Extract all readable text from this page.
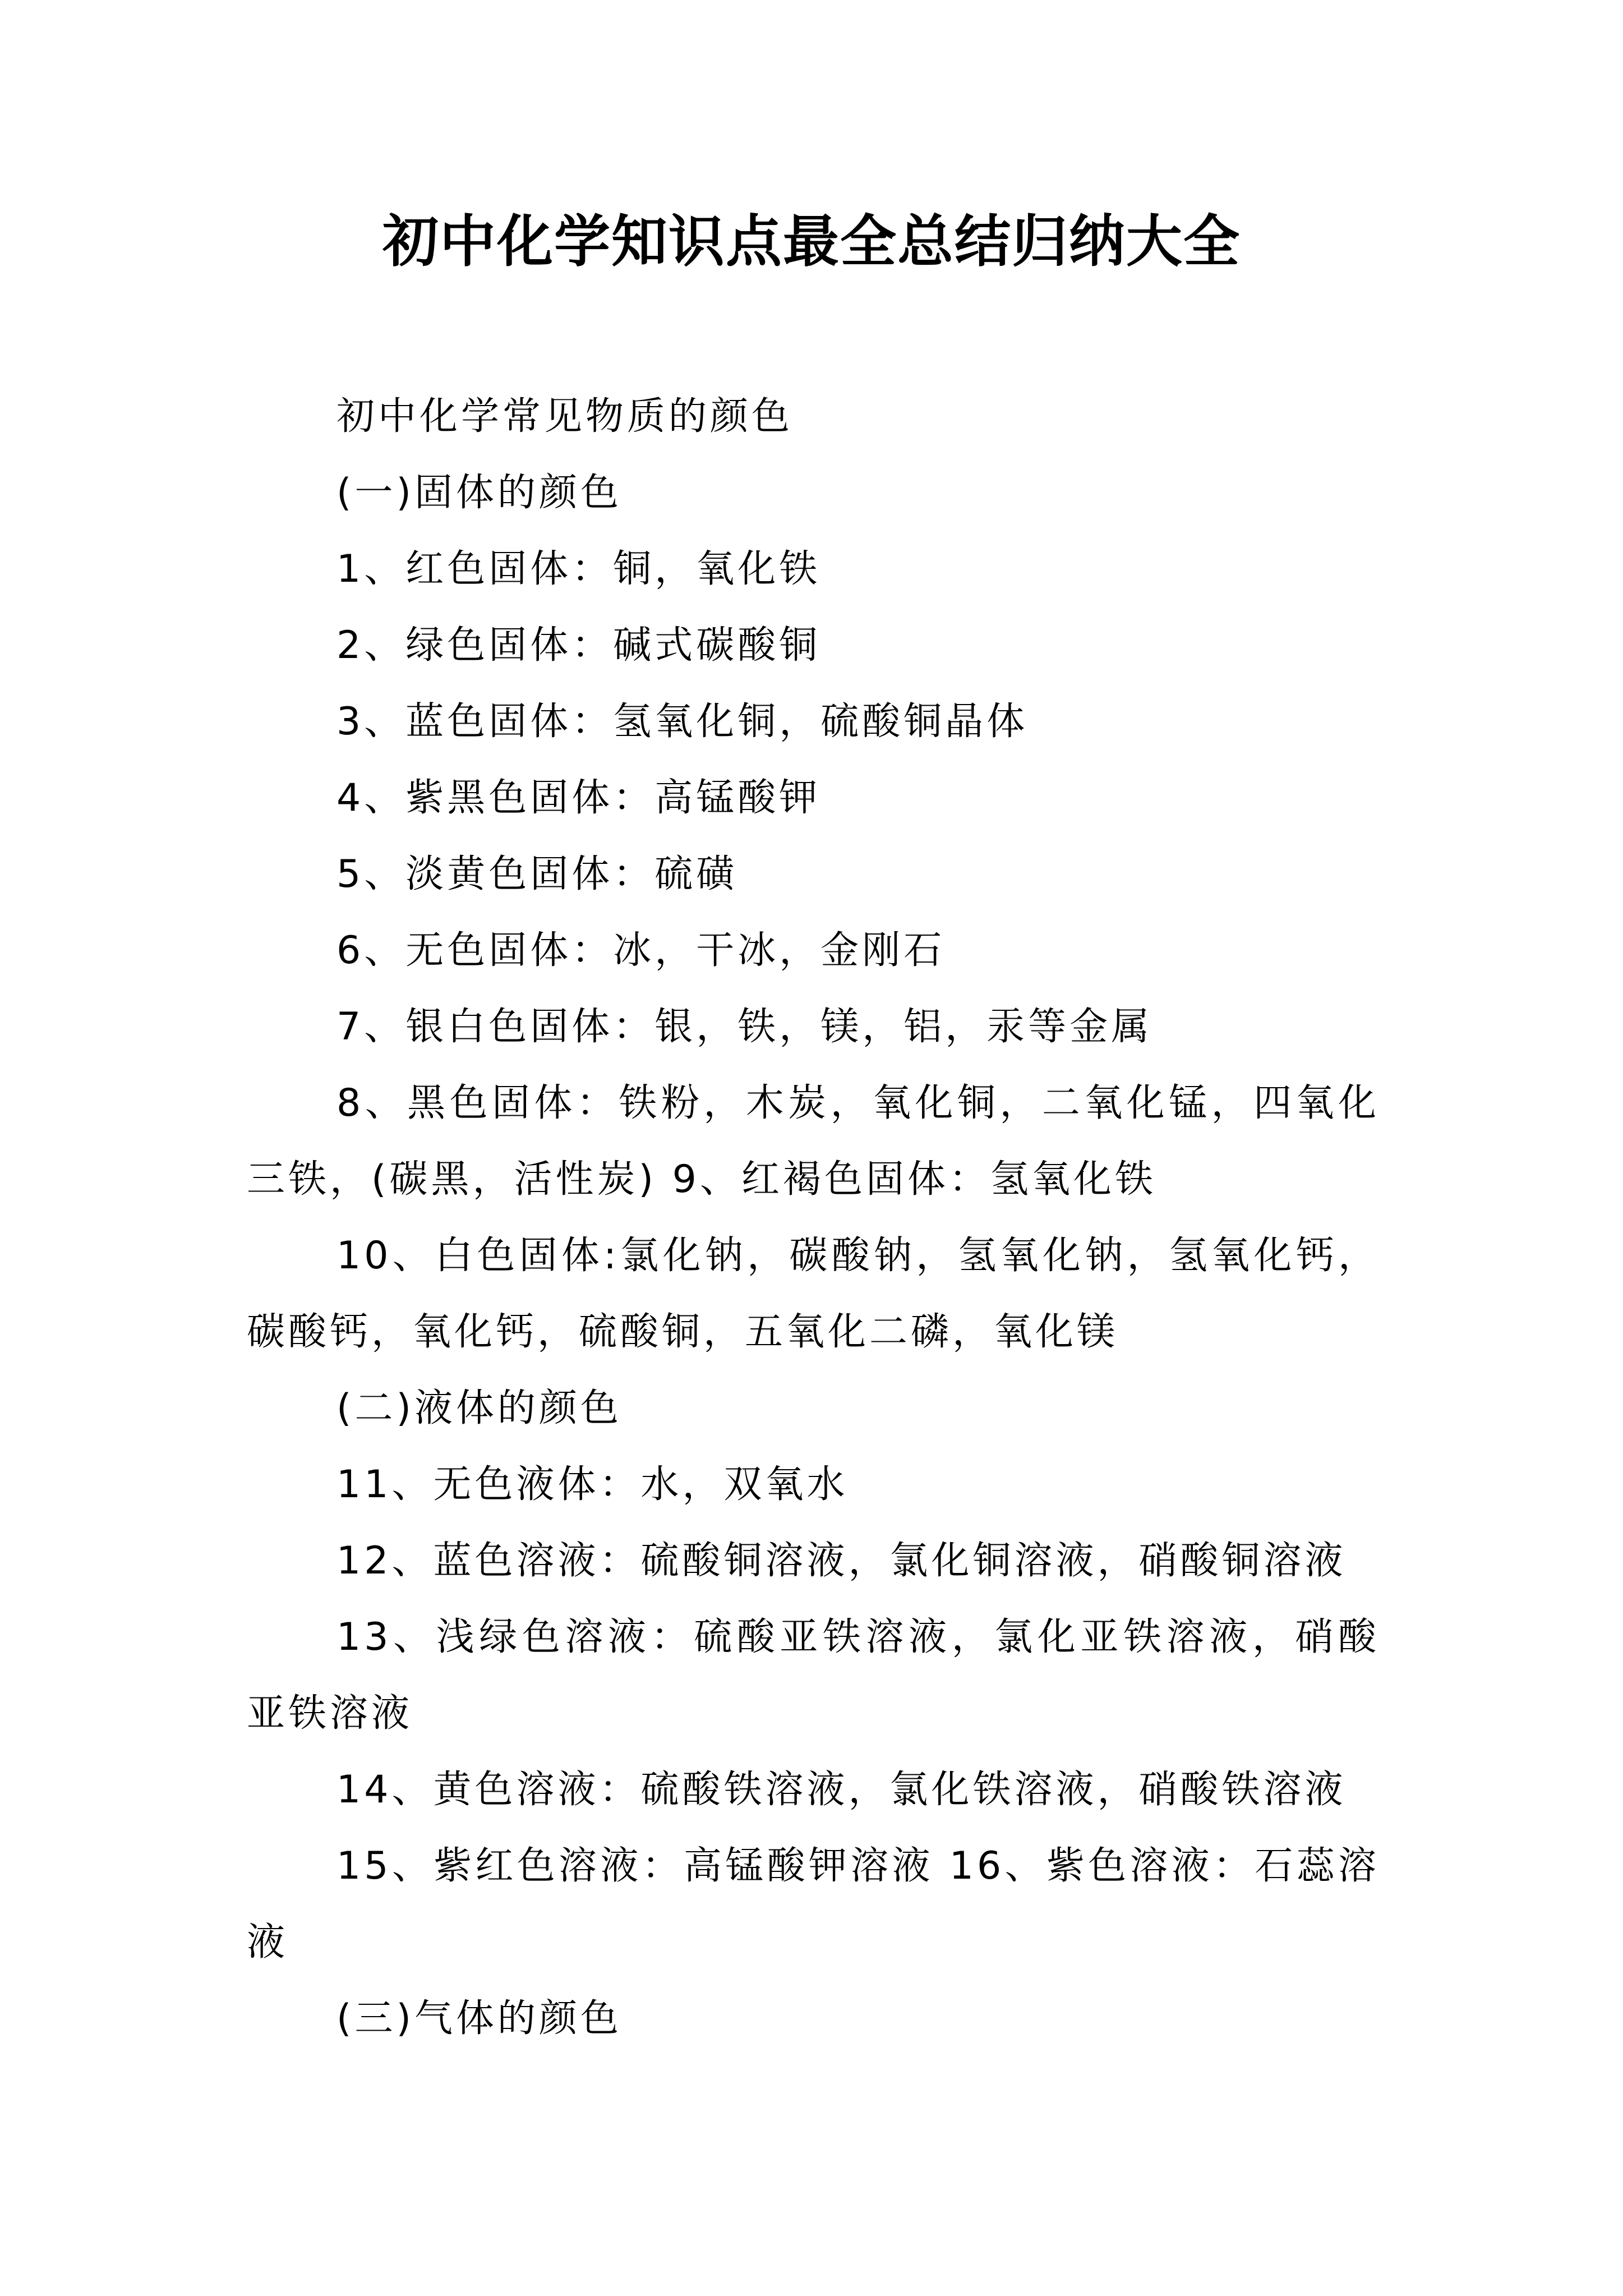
初中化学知识点最全总结归纳大全

初中化学常见物质的颜色

(一)固体的颜色

1、红色固体：铜，氧化铁

2、绿色固体：碱式碳酸铜

3、蓝色固体：氢氧化铜，硫酸铜晶体

4、紫黑色固体：高锰酸钾

5、淡黄色固体：硫磺

6、无色固体：冰，干冰，金刚石

7、银白色固体：银，铁，镁，铝，汞等金属

8、黑色固体：铁粉，木炭，氧化铜，二氧化锰，四氧化三铁，(碳黑，活性炭) 9、红褐色固体：氢氧化铁

10、白色固体:氯化钠，碳酸钠，氢氧化钠，氢氧化钙，碳酸钙，氧化钙，硫酸铜，五氧化二磷，氧化镁

(二)液体的颜色

11、无色液体：水，双氧水

12、蓝色溶液：硫酸铜溶液，氯化铜溶液，硝酸铜溶液

13、浅绿色溶液：硫酸亚铁溶液，氯化亚铁溶液，硝酸亚铁溶液

14、黄色溶液：硫酸铁溶液，氯化铁溶液，硝酸铁溶液

15、紫红色溶液：高锰酸钾溶液 16、紫色溶液：石蕊溶液

(三)气体的颜色
